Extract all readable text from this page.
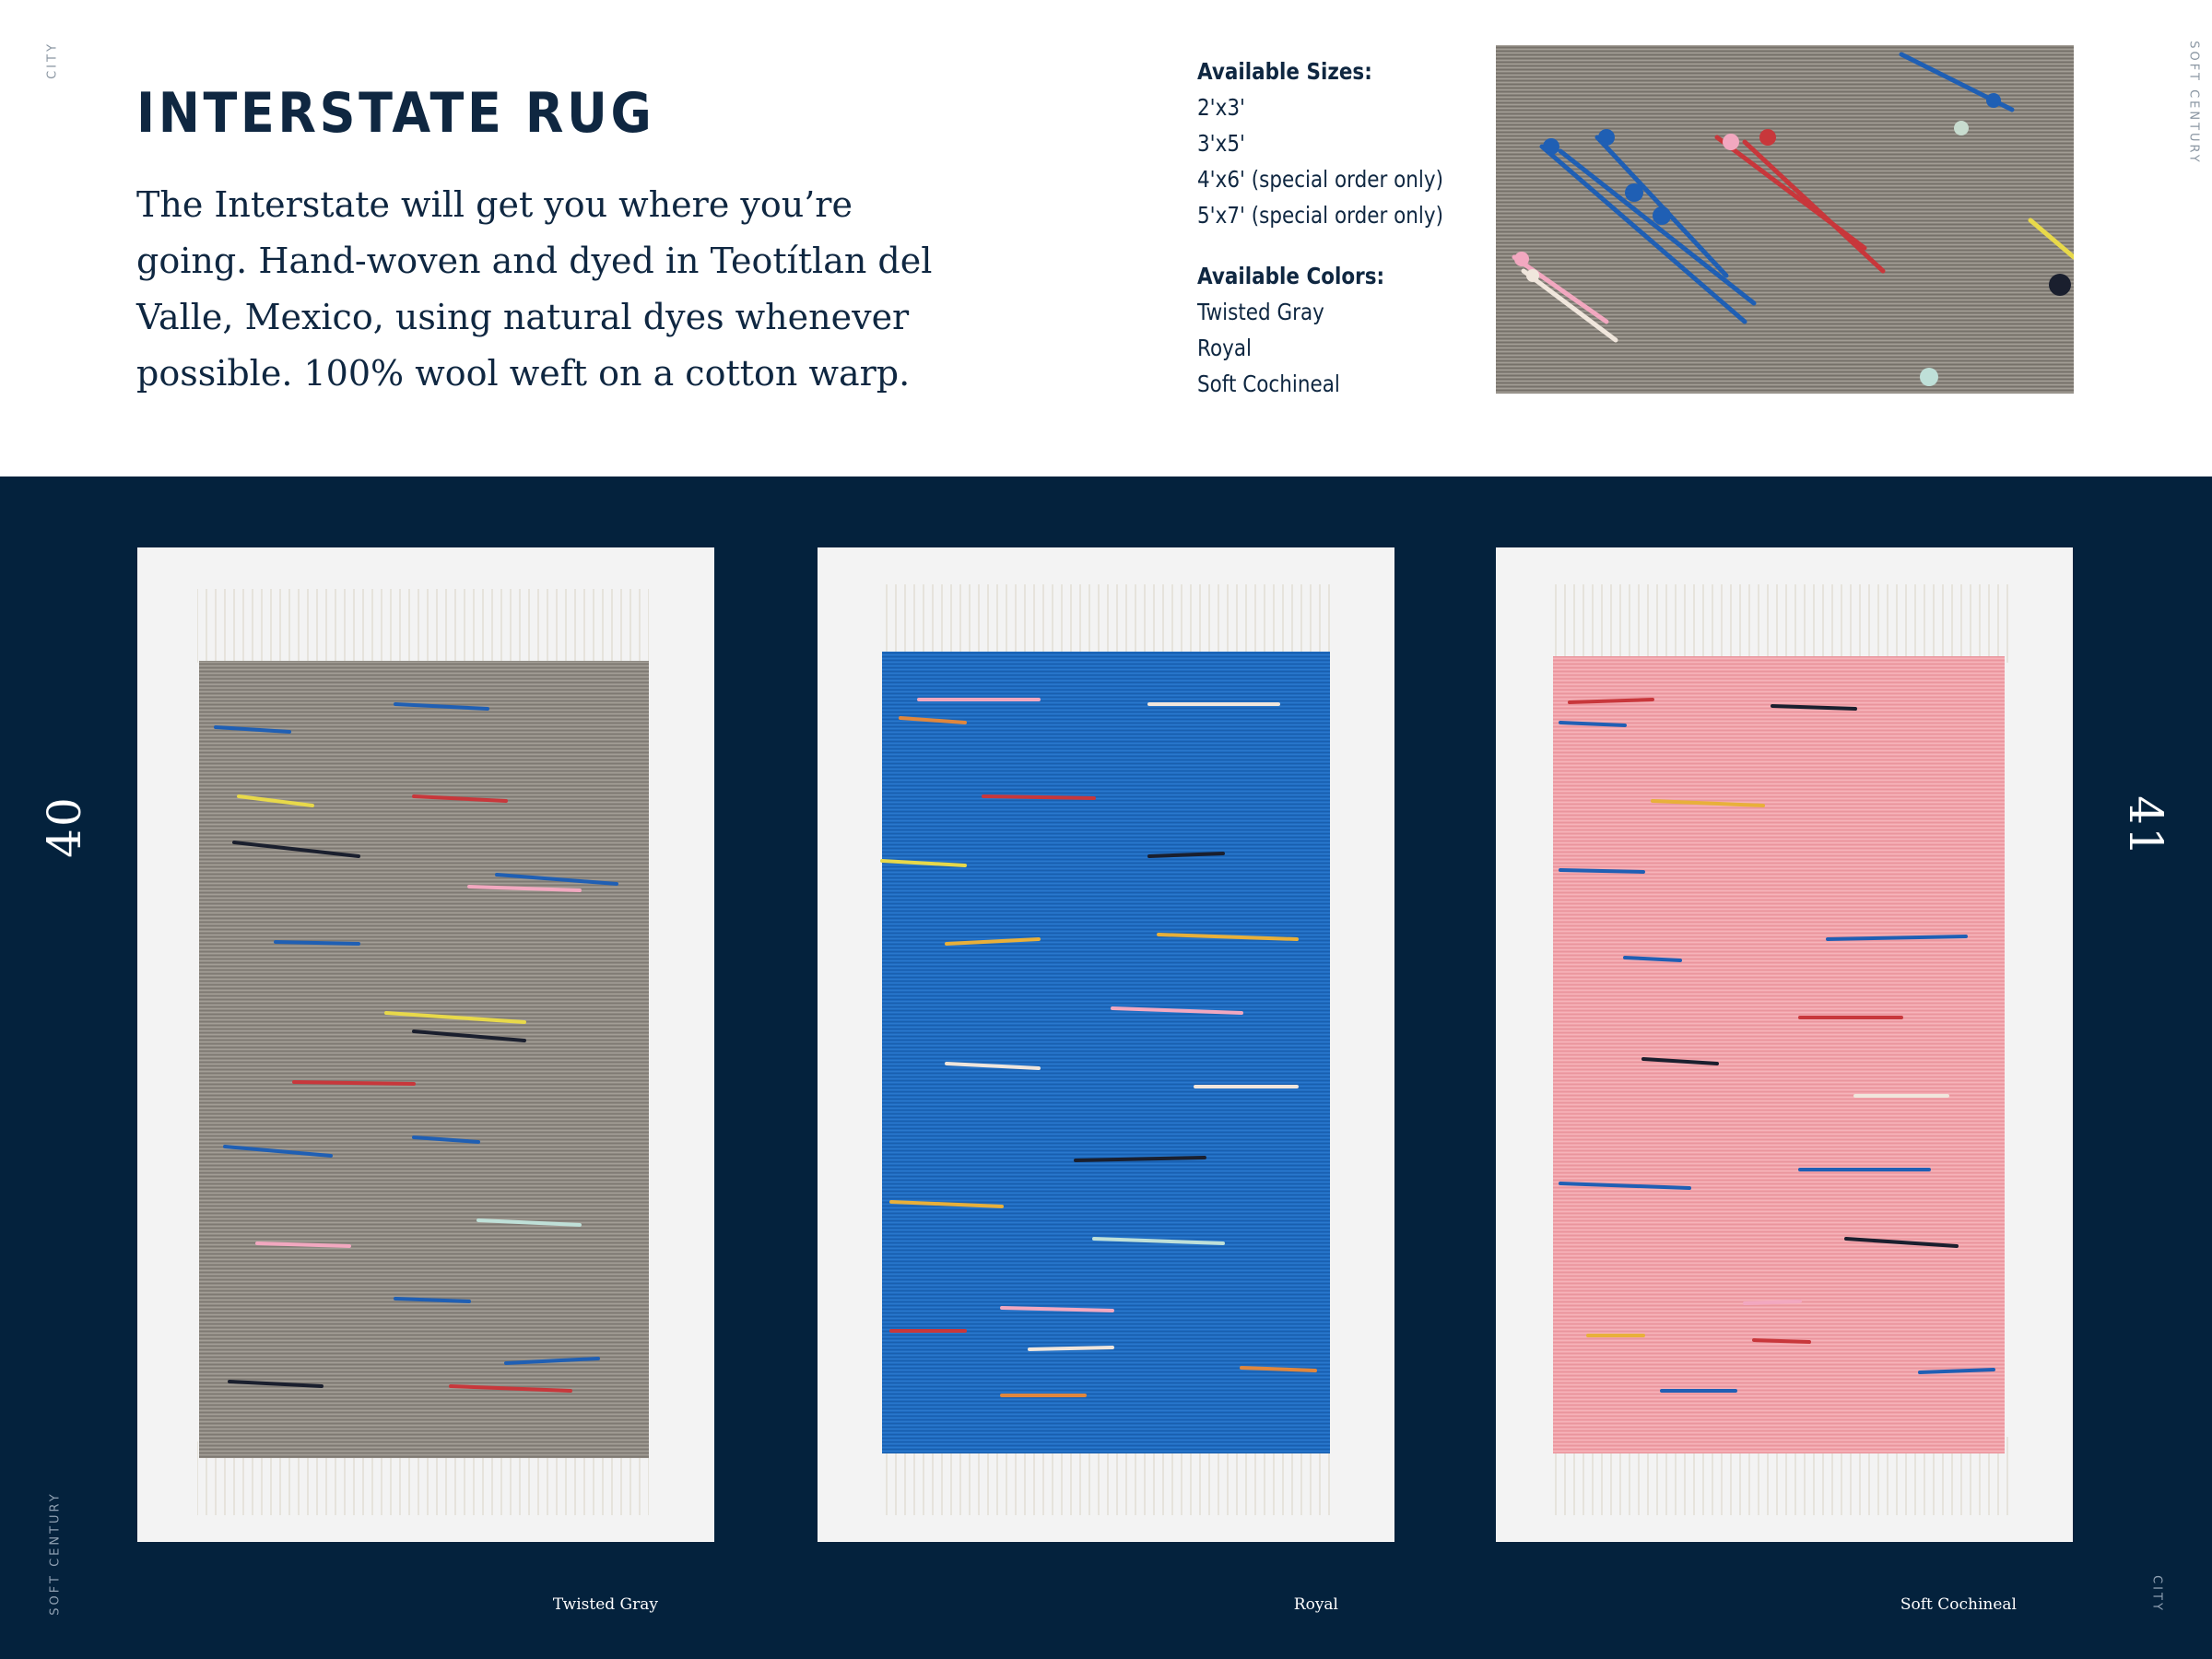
CITY	SOFT CENTURY
SOFT CENTURY	CITY
40	41
INTERSTATE RUG

The Interstate will get you where you’re going. Hand-woven and dyed in Teotítlan del Valle, Mexico, using natural dyes whenever possible. 100% wool weft on a cotton warp.

Available Sizes:
2'x3'
3'x5'
4'x6' (special order only)
5'x7' (special order only)
Available Colors:
Twisted Gray
Royal
Soft Cochineal
Twisted Gray	Royal	Soft Cochineal
